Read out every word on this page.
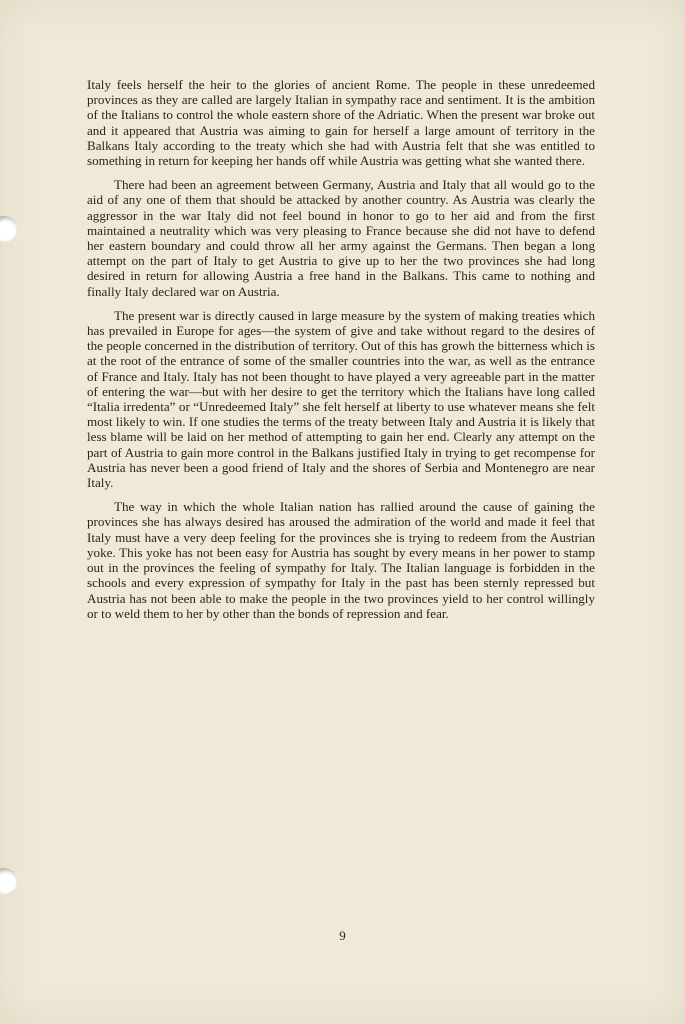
Italy feels herself the heir to the glories of ancient Rome. The people in these unredeemed provinces as they are called are largely Italian in sympathy race and sentiment. It is the ambition of the Italians to control the whole eastern shore of the Adriatic. When the present war broke out and it appeared that Austria was aiming to gain for herself a large amount of territory in the Balkans Italy according to the treaty which she had with Austria felt that she was entitled to something in return for keeping her hands off while Austria was getting what she wanted there.

There had been an agreement between Germany, Austria and Italy that all would go to the aid of any one of them that should be attacked by another country. As Austria was clearly the aggressor in the war Italy did not feel bound in honor to go to her aid and from the first maintained a neutrality which was very pleasing to France because she did not have to defend her eastern boundary and could throw all her army against the Germans. Then began a long attempt on the part of Italy to get Austria to give up to her the two provinces she had long desired in return for allowing Austria a free hand in the Balkans. This came to nothing and finally Italy declared war on Austria.

The present war is directly caused in large measure by the system of making treaties which has prevailed in Europe for ages—the system of give and take without regard to the desires of the people concerned in the distribution of territory. Out of this has growh the bitterness which is at the root of the entrance of some of the smaller countries into the war, as well as the entrance of France and Italy. Italy has not been thought to have played a very agreeable part in the matter of entering the war—but with her desire to get the territory which the Italians have long called “Italia irredenta” or “Unredeemed Italy” she felt herself at liberty to use whatever means she felt most likely to win. If one studies the terms of the treaty between Italy and Austria it is likely that less blame will be laid on her method of attempting to gain her end. Clearly any attempt on the part of Austria to gain more control in the Balkans justified Italy in trying to get recompense for Austria has never been a good friend of Italy and the shores of Serbia and Montenegro are near Italy.

The way in which the whole Italian nation has rallied around the cause of gaining the provinces she has always desired has aroused the admiration of the world and made it feel that Italy must have a very deep feeling for the provinces she is trying to redeem from the Austrian yoke. This yoke has not been easy for Austria has sought by every means in her power to stamp out in the provinces the feeling of sympathy for Italy. The Italian language is forbidden in the schools and every expression of sympathy for Italy in the past has been sternly repressed but Austria has not been able to make the people in the two provinces yield to her control willingly or to weld them to her by other than the bonds of repression and fear.

9
